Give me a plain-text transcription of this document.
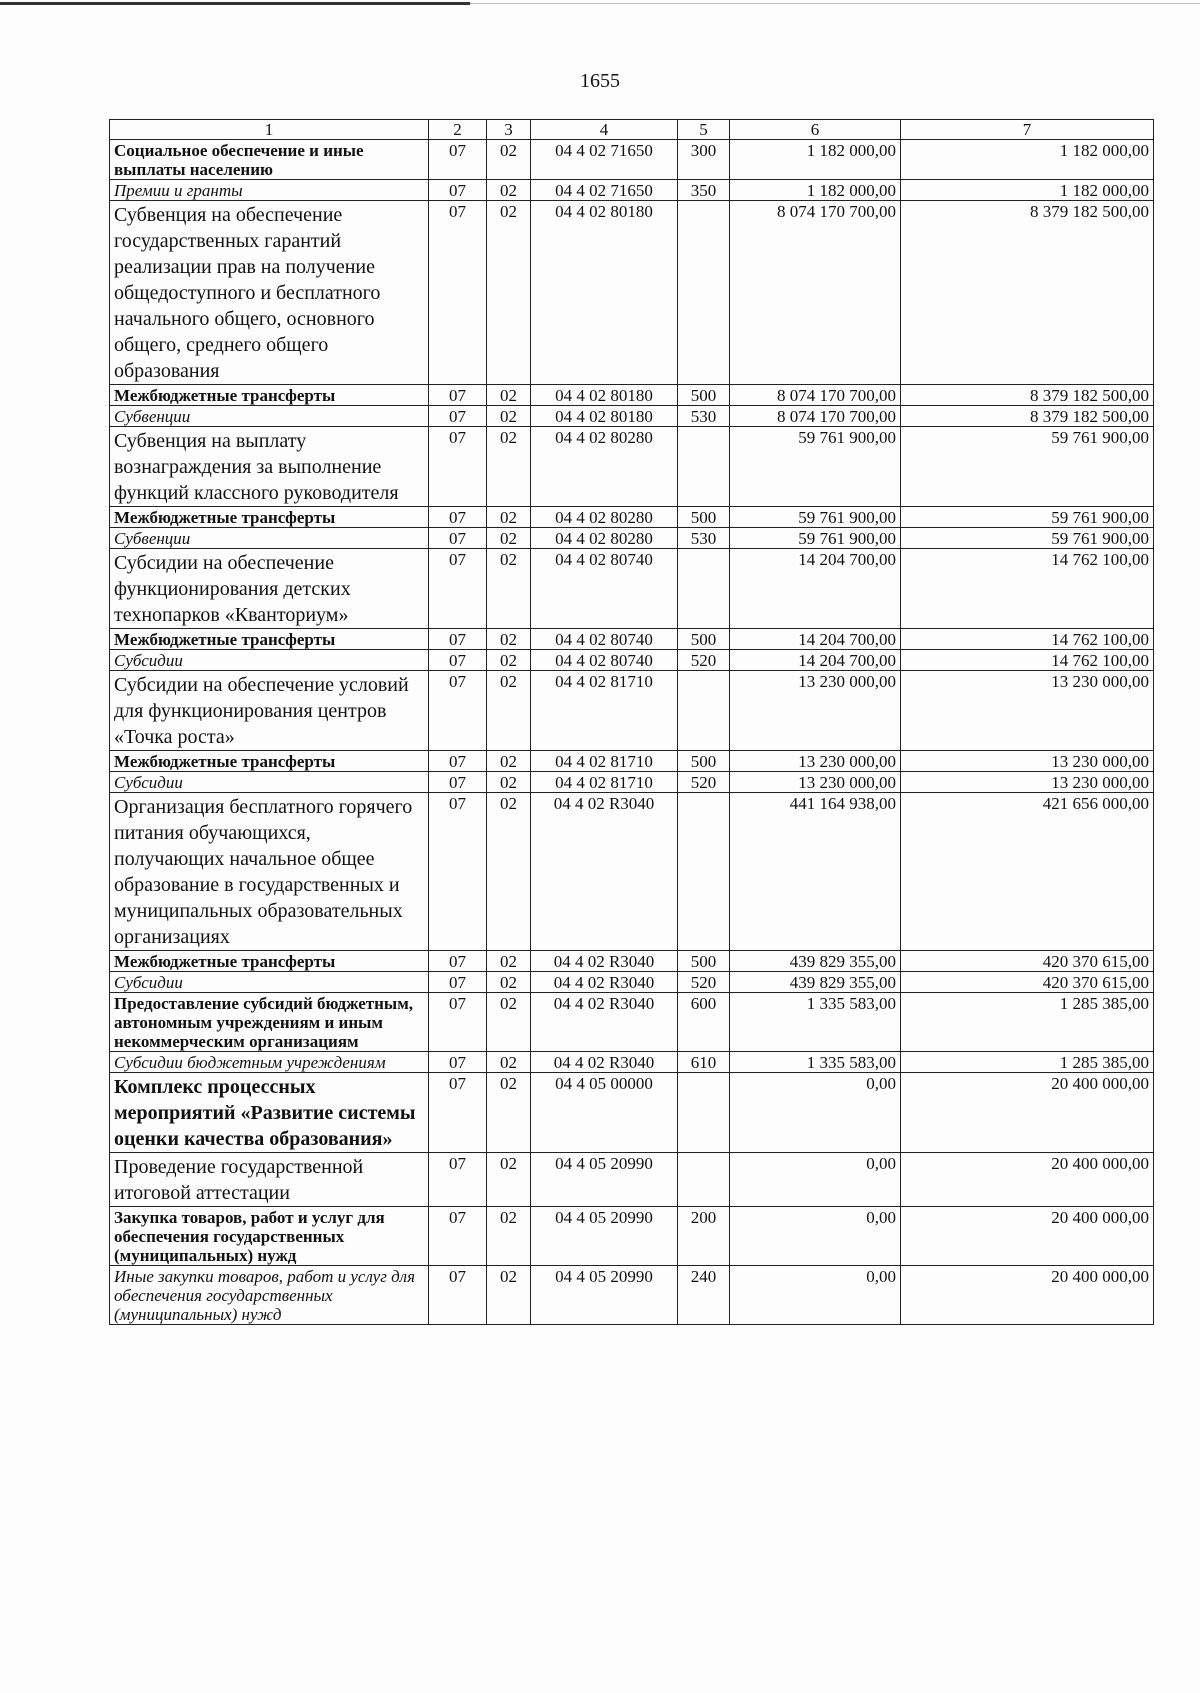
1655
1	2	3	4	5	6	7
Социальное обеспечение и иные выплаты населению	07	02	04 4 02 71650	300	1 182 000,00	1 182 000,00
Премии и гранты	07	02	04 4 02 71650	350	1 182 000,00	1 182 000,00
Субвенция на обеспечение государственных гарантий реализации прав на получение общедоступного и бесплатного начального общего, основного общего, среднего общего образования	07	02	04 4 02 80180		8 074 170 700,00	8 379 182 500,00
Межбюджетные трансферты	07	02	04 4 02 80180	500	8 074 170 700,00	8 379 182 500,00
Субвенции	07	02	04 4 02 80180	530	8 074 170 700,00	8 379 182 500,00
Субвенция на выплату вознаграждения за выполнение функций классного руководителя	07	02	04 4 02 80280		59 761 900,00	59 761 900,00
Межбюджетные трансферты	07	02	04 4 02 80280	500	59 761 900,00	59 761 900,00
Субвенции	07	02	04 4 02 80280	530	59 761 900,00	59 761 900,00
Субсидии на обеспечение функционирования детских технопарков «Кванториум»	07	02	04 4 02 80740		14 204 700,00	14 762 100,00
Межбюджетные трансферты	07	02	04 4 02 80740	500	14 204 700,00	14 762 100,00
Субсидии	07	02	04 4 02 80740	520	14 204 700,00	14 762 100,00
Субсидии на обеспечение условий для функционирования центров «Точка роста»	07	02	04 4 02 81710		13 230 000,00	13 230 000,00
Межбюджетные трансферты	07	02	04 4 02 81710	500	13 230 000,00	13 230 000,00
Субсидии	07	02	04 4 02 81710	520	13 230 000,00	13 230 000,00
Организация бесплатного горячего питания обучающихся, получающих начальное общее образование в государственных и муниципальных образовательных организациях	07	02	04 4 02 R3040		441 164 938,00	421 656 000,00
Межбюджетные трансферты	07	02	04 4 02 R3040	500	439 829 355,00	420 370 615,00
Субсидии	07	02	04 4 02 R3040	520	439 829 355,00	420 370 615,00
Предоставление субсидий бюджетным, автономным учреждениям и иным некоммерческим организациям	07	02	04 4 02 R3040	600	1 335 583,00	1 285 385,00
Субсидии бюджетным учреждениям	07	02	04 4 02 R3040	610	1 335 583,00	1 285 385,00
Комплекс процессных мероприятий «Развитие системы оценки качества образования»	07	02	04 4 05 00000		0,00	20 400 000,00
Проведение государственной итоговой аттестации	07	02	04 4 05 20990		0,00	20 400 000,00
Закупка товаров, работ и услуг для обеспечения государственных (муниципальных) нужд	07	02	04 4 05 20990	200	0,00	20 400 000,00
Иные закупки товаров, работ и услуг для обеспечения государственных (муниципальных) нужд	07	02	04 4 05 20990	240	0,00	20 400 000,00
